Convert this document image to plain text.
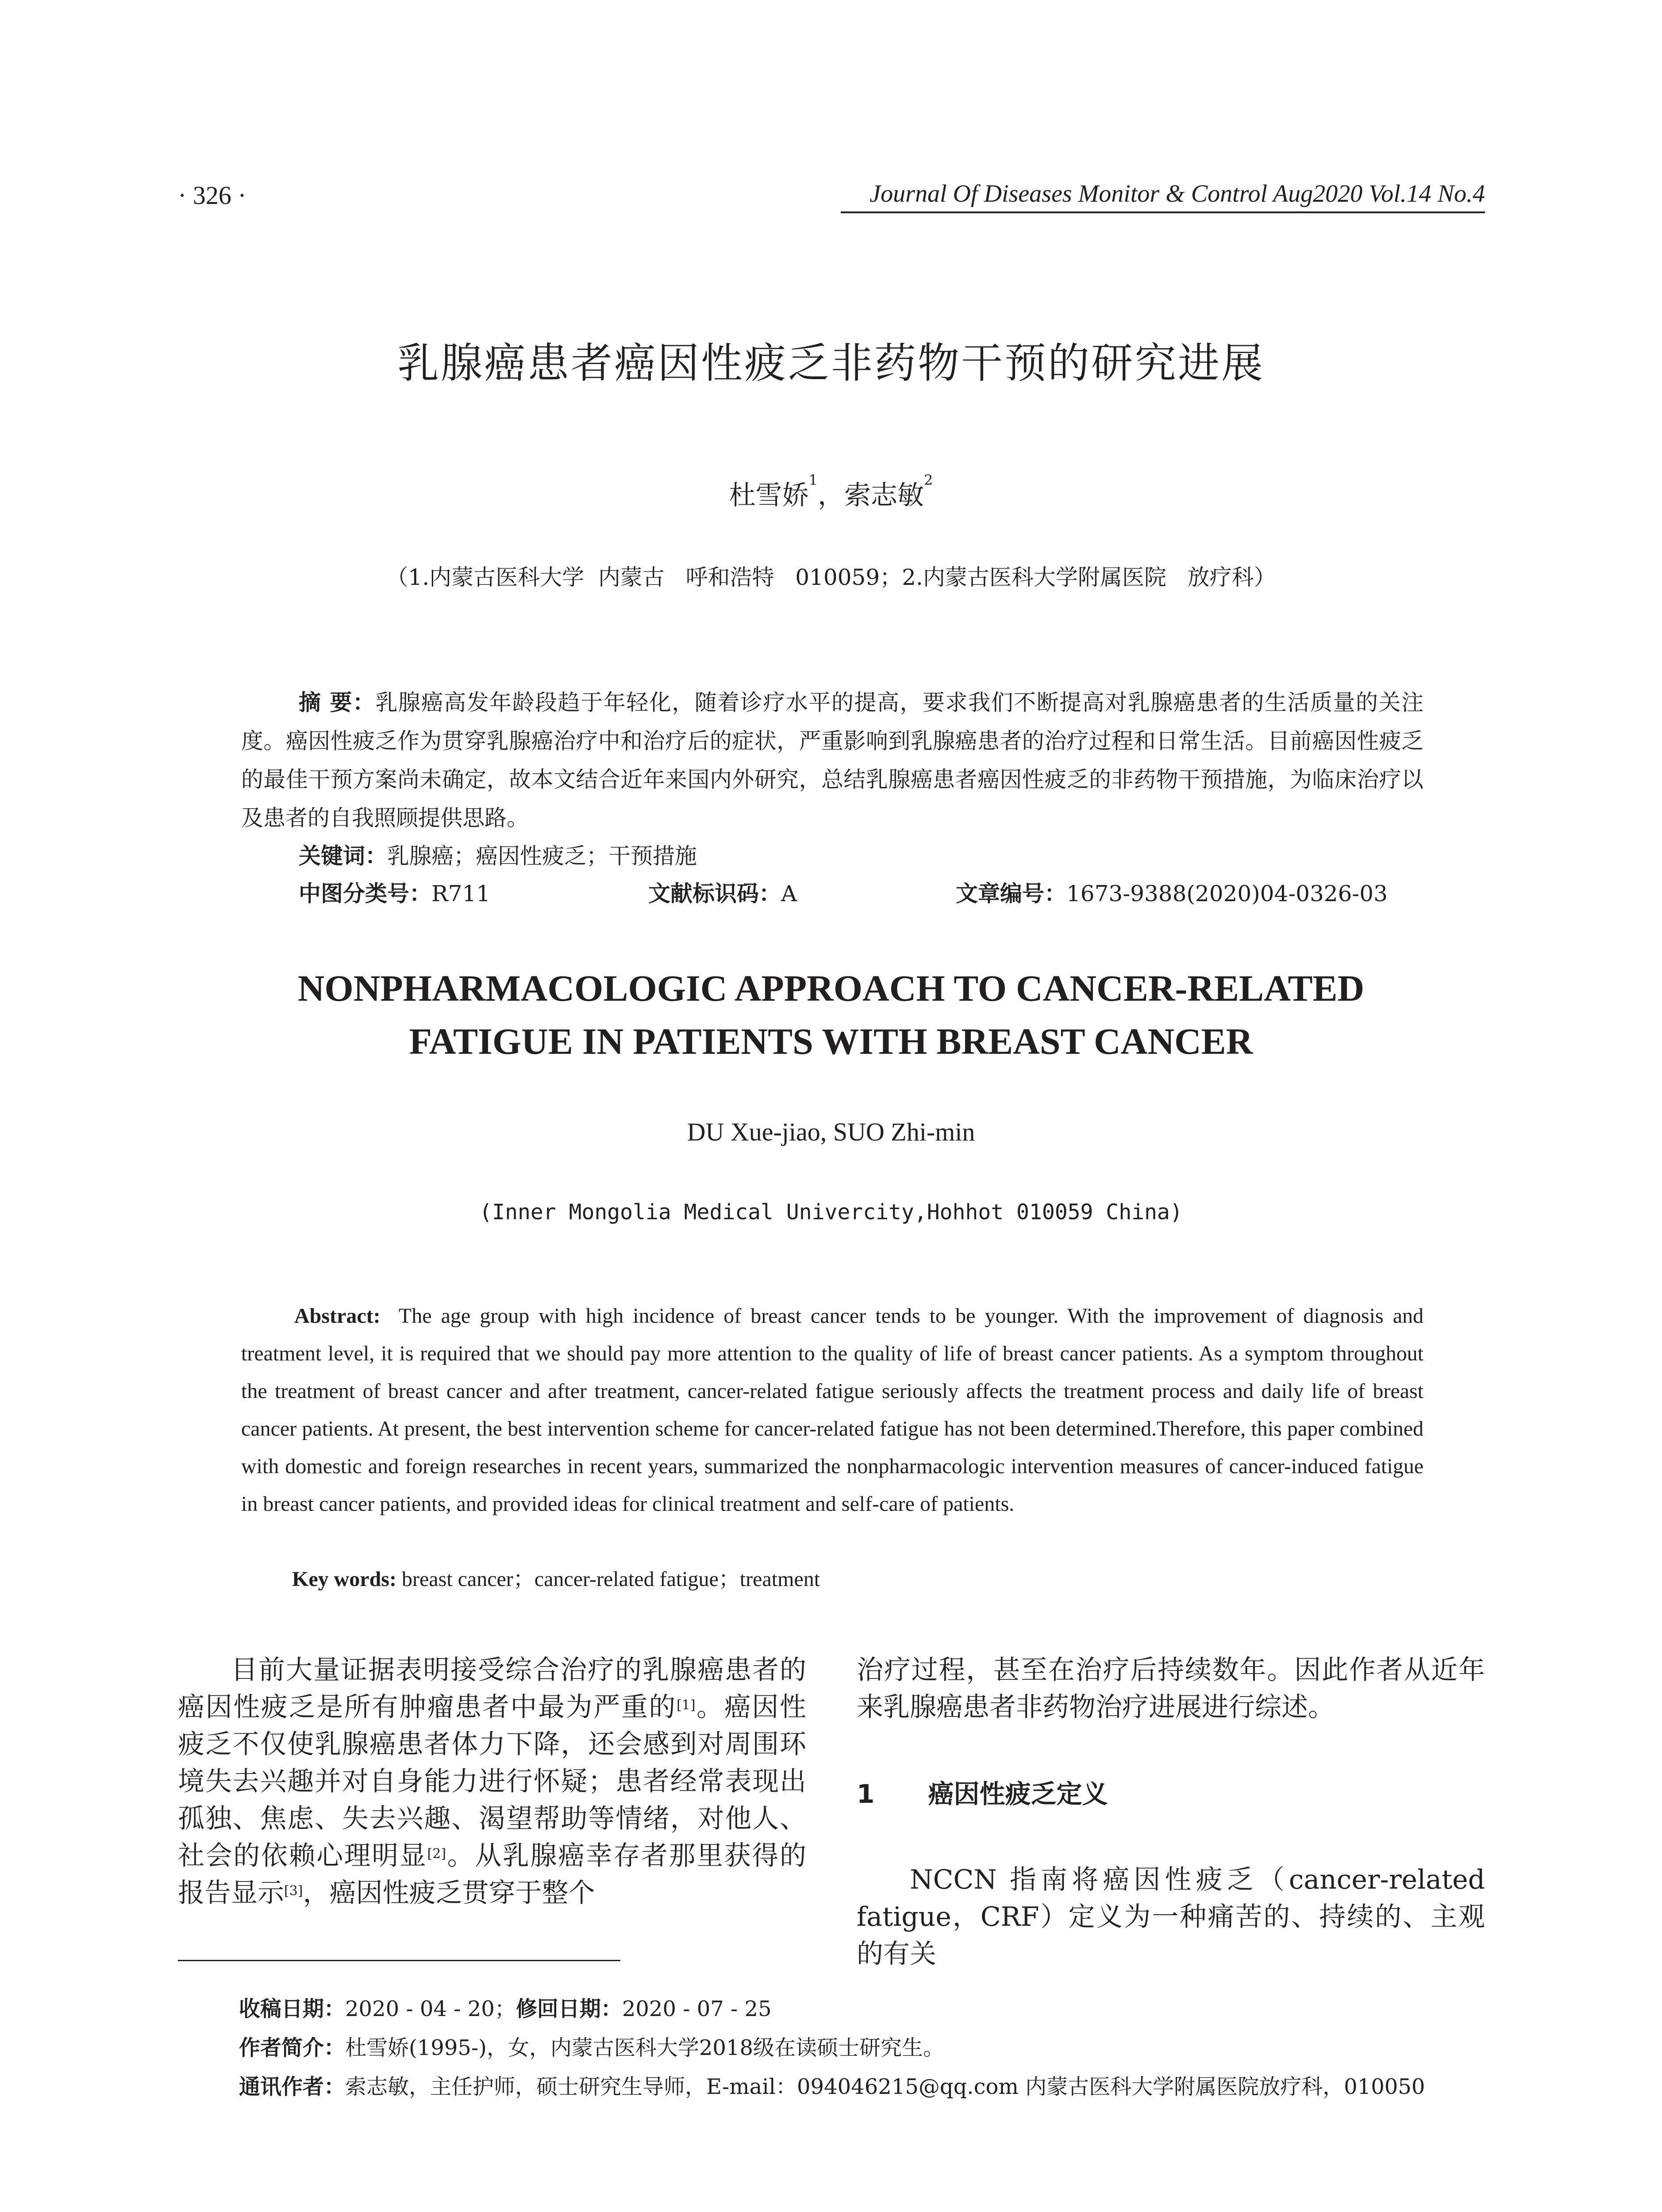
· 326 ·	Journal Of Diseases Monitor & Control Aug2020 Vol.14 No.4
乳腺癌患者癌因性疲乏非药物干预的研究进展
杜雪娇$^1$，索志敏$^2$
（1.内蒙古医科大学  内蒙古   呼和浩特   010059；2.内蒙古医科大学附属医院   放疗科）

摘 要：乳腺癌高发年龄段趋于年轻化，随着诊疗水平的提高，要求我们不断提高对乳腺癌患者的生活质量的关注度。癌因性疲乏作为贯穿乳腺癌治疗中和治疗后的症状，严重影响到乳腺癌患者的治疗过程和日常生活。目前癌因性疲乏的最佳干预方案尚未确定，故本文结合近年来国内外研究，总结乳腺癌患者癌因性疲乏的非药物干预措施，为临床治疗以及患者的自我照顾提供思路。

关键词：乳腺癌；癌因性疲乏；干预措施
中图分类号：R711	文献标识码：A	文章编号：1673-9388(2020)04-0326-03
NONPHARMACOLOGIC APPROACH TO CANCER-RELATED
FATIGUE IN PATIENTS WITH BREAST CANCER
DU Xue-jiao, SUO Zhi-min
(Inner Mongolia Medical Univercity,Hohhot 010059 China)

Abstract: The age group with high incidence of breast cancer tends to be younger. With the improvement of diagnosis and treatment level, it is required that we should pay more attention to the quality of life of breast cancer patients. As a symptom throughout the treatment of breast cancer and after treatment, cancer-related fatigue seriously affects the treatment process and daily life of breast cancer patients. At present, the best intervention scheme for cancer-related fatigue has not been determined.Therefore, this paper combined with domestic and foreign researches in recent years, summarized the nonpharmacologic intervention measures of cancer-induced fatigue in breast cancer patients, and provided ideas for clinical treatment and self-care of patients.

Key words: breast cancer；cancer-related fatigue；treatment

目前大量证据表明接受综合治疗的乳腺癌患者的癌因性疲乏是所有肿瘤患者中最为严重的[1]。癌因性疲乏不仅使乳腺癌患者体力下降，还会感到对周围环境失去兴趣并对自身能力进行怀疑；患者经常表现出孤独、焦虑、失去兴趣、渴望帮助等情绪，对他人、社会的依赖心理明显[2]。从乳腺癌幸存者那里获得的报告显示[3]，癌因性疲乏贯穿于整个

治疗过程，甚至在治疗后持续数年。因此作者从近年来乳腺癌患者非药物治疗进展进行综述。

1 癌因性疲乏定义

NCCN 指南将癌因性疲乏（cancer-related fatigue，CRF）定义为一种痛苦的、持续的、主观的有关

收稿日期：2020 - 04 - 20；修回日期：2020 - 07 - 25
作者简介：杜雪娇(1995-)，女，内蒙古医科大学2018级在读硕士研究生。
通讯作者：索志敏，主任护师，硕士研究生导师，E-mail：094046215@qq.com 内蒙古医科大学附属医院放疗科，010050
